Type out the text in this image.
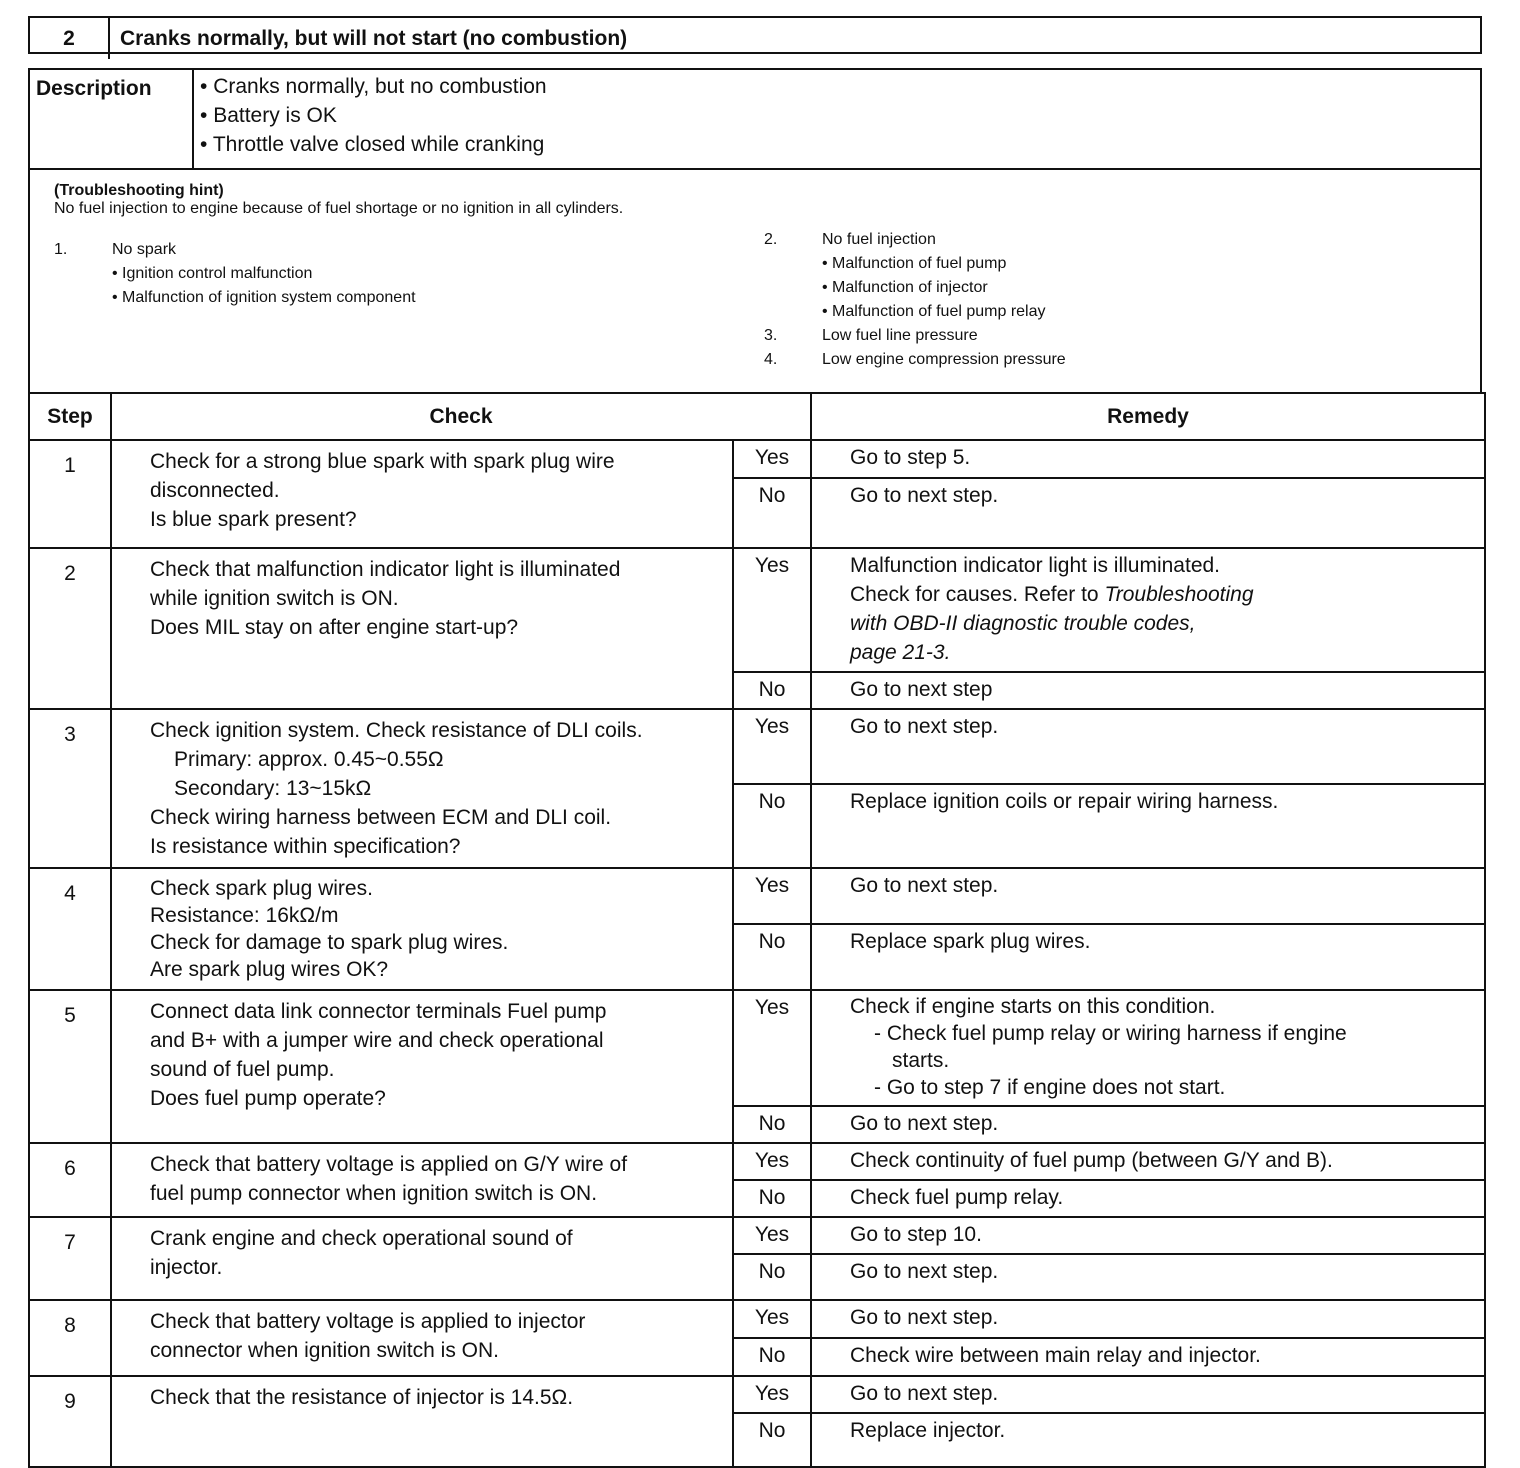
2	Cranks normally, but will not start (no combustion)
Description	
•Cranks normally, but no combustion
• Battery is OK
• Throttle valve closed while cranking
(Troubleshooting hint)
No fuel injection to engine because of fuel shortage or no ignition in all cylinders.
1.	No spark
• Ignition control malfunction
• Malfunction of ignition system component
2.	No fuel injection
• Malfunction of fuel pump
• Malfunction of injector
• Malfunction of fuel pump relay
3.	Low fuel line pressure
4.	Low engine compression pressure
Step	Check		Remedy
1	Check for a strong blue spark with spark plug wire
disconnected.
Is blue spark present?	Yes	Go to step 5.
		No	Go to next step.
2	Check that malfunction indicator light is illuminated
while ignition switch is ON.
Does MIL stay on after engine start-up?	Yes	Malfunction indicator light is illuminated.
Check for causes. Refer to Troubleshooting
with OBD-II diagnostic trouble codes,
page 21-3.

		No	Go to next step
3	Check ignition system. Check resistance of DLI coils.
Primary: approx. 0.45~0.55Ω
Secondary: 13~15kΩ
Check wiring harness between ECM and DLI coil.
Is resistance within specification?	Yes	Go to next step.
		No	Replace ignition coils or repair wiring harness.
4	Check spark plug wires.
Resistance: 16kΩ/m
Check for damage to spark plug wires.
Are spark plug wires OK?	Yes	Go to next step.
		No	Replace spark plug wires.
5	Connect data link connector terminals Fuel pump
and B+ with a jumper wire and check operational
sound of fuel pump.
Does fuel pump operate?	Yes	Check if engine starts on this condition.
- Check fuel pump relay or wiring harness if engine
starts.
- Go to step 7 if engine does not start.

		No	Go to next step.
6	Check that battery voltage is applied on G/Y wire of
fuel pump connector when ignition switch is ON.	Yes	Check continuity of fuel pump (between G/Y and B).
		No	Check fuel pump relay.
7	Crank engine and check operational sound of
injector.	Yes	Go to step 10.
		No	Go to next step.
8	Check that battery voltage is applied to injector
connector when ignition switch is ON.	Yes	Go to next step.
		No	Check wire between main relay and injector.
9	Check that the resistance of injector is 14.5Ω.	Yes	Go to next step.
		No	Replace injector.
